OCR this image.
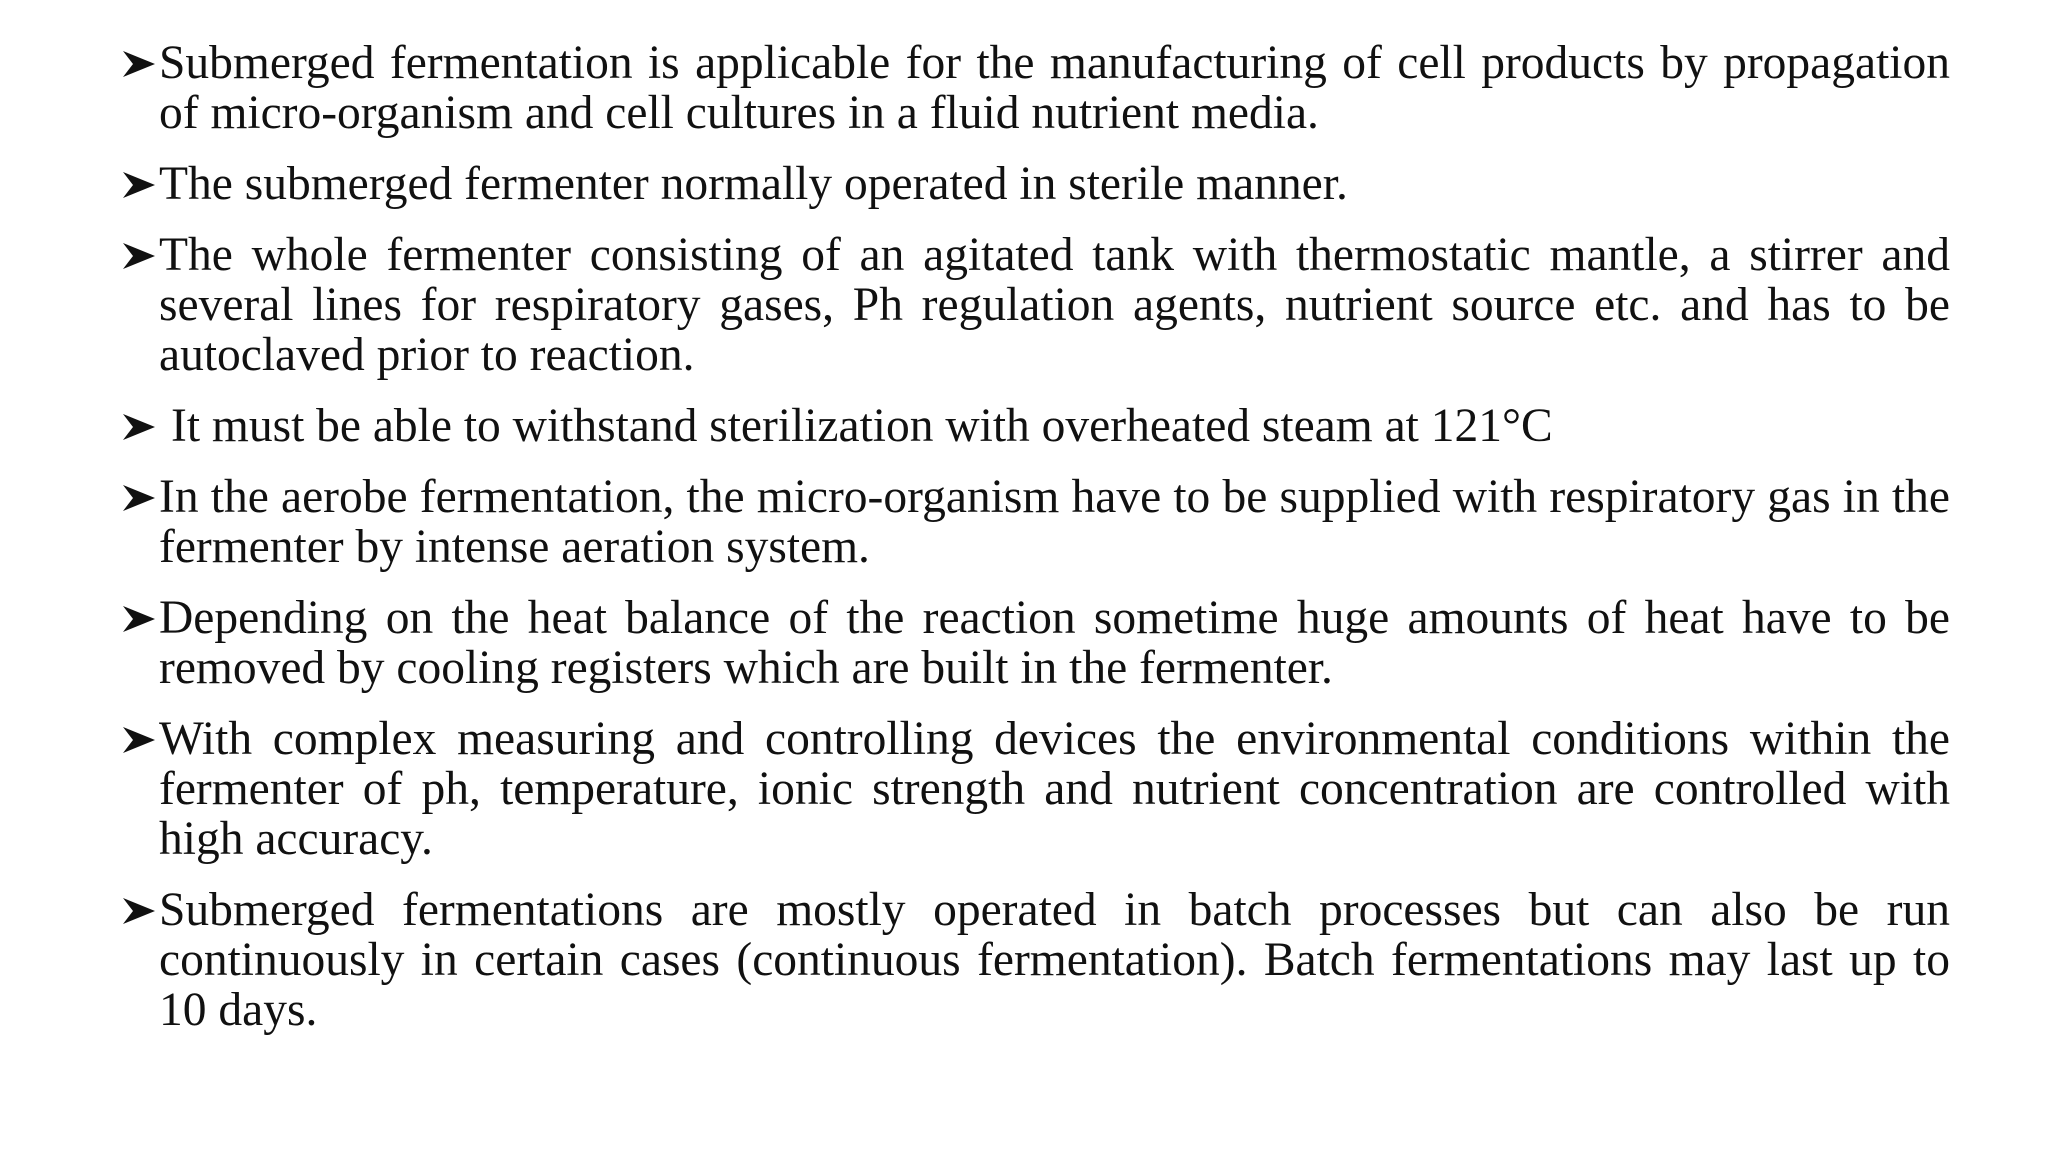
Submerged fermentation is applicable for the manufacturing of cell products by propagation of micro-organism and cell cultures in a fluid nutrient media.
The submerged fermenter normally operated in sterile manner.
The whole fermenter consisting of an agitated tank with thermostatic mantle, a stirrer and several lines for respiratory gases, Ph regulation agents, nutrient source etc. and has to be autoclaved prior to reaction.
It must be able to withstand sterilization with overheated steam at 121°C
In the aerobe fermentation, the micro-organism have to be supplied with respiratory gas in the fermenter by intense aeration system.
Depending on the heat balance of the reaction sometime huge amounts of heat have to be removed by cooling registers which are built in the fermenter.
With complex measuring and controlling devices the environmental conditions within the fermenter of ph, temperature, ionic strength and nutrient concentration are controlled with high accuracy.
Submerged fermentations are mostly operated in batch processes but can also be run continuously in certain cases (continuous fermentation). Batch fermentations may last up to 10 days.
